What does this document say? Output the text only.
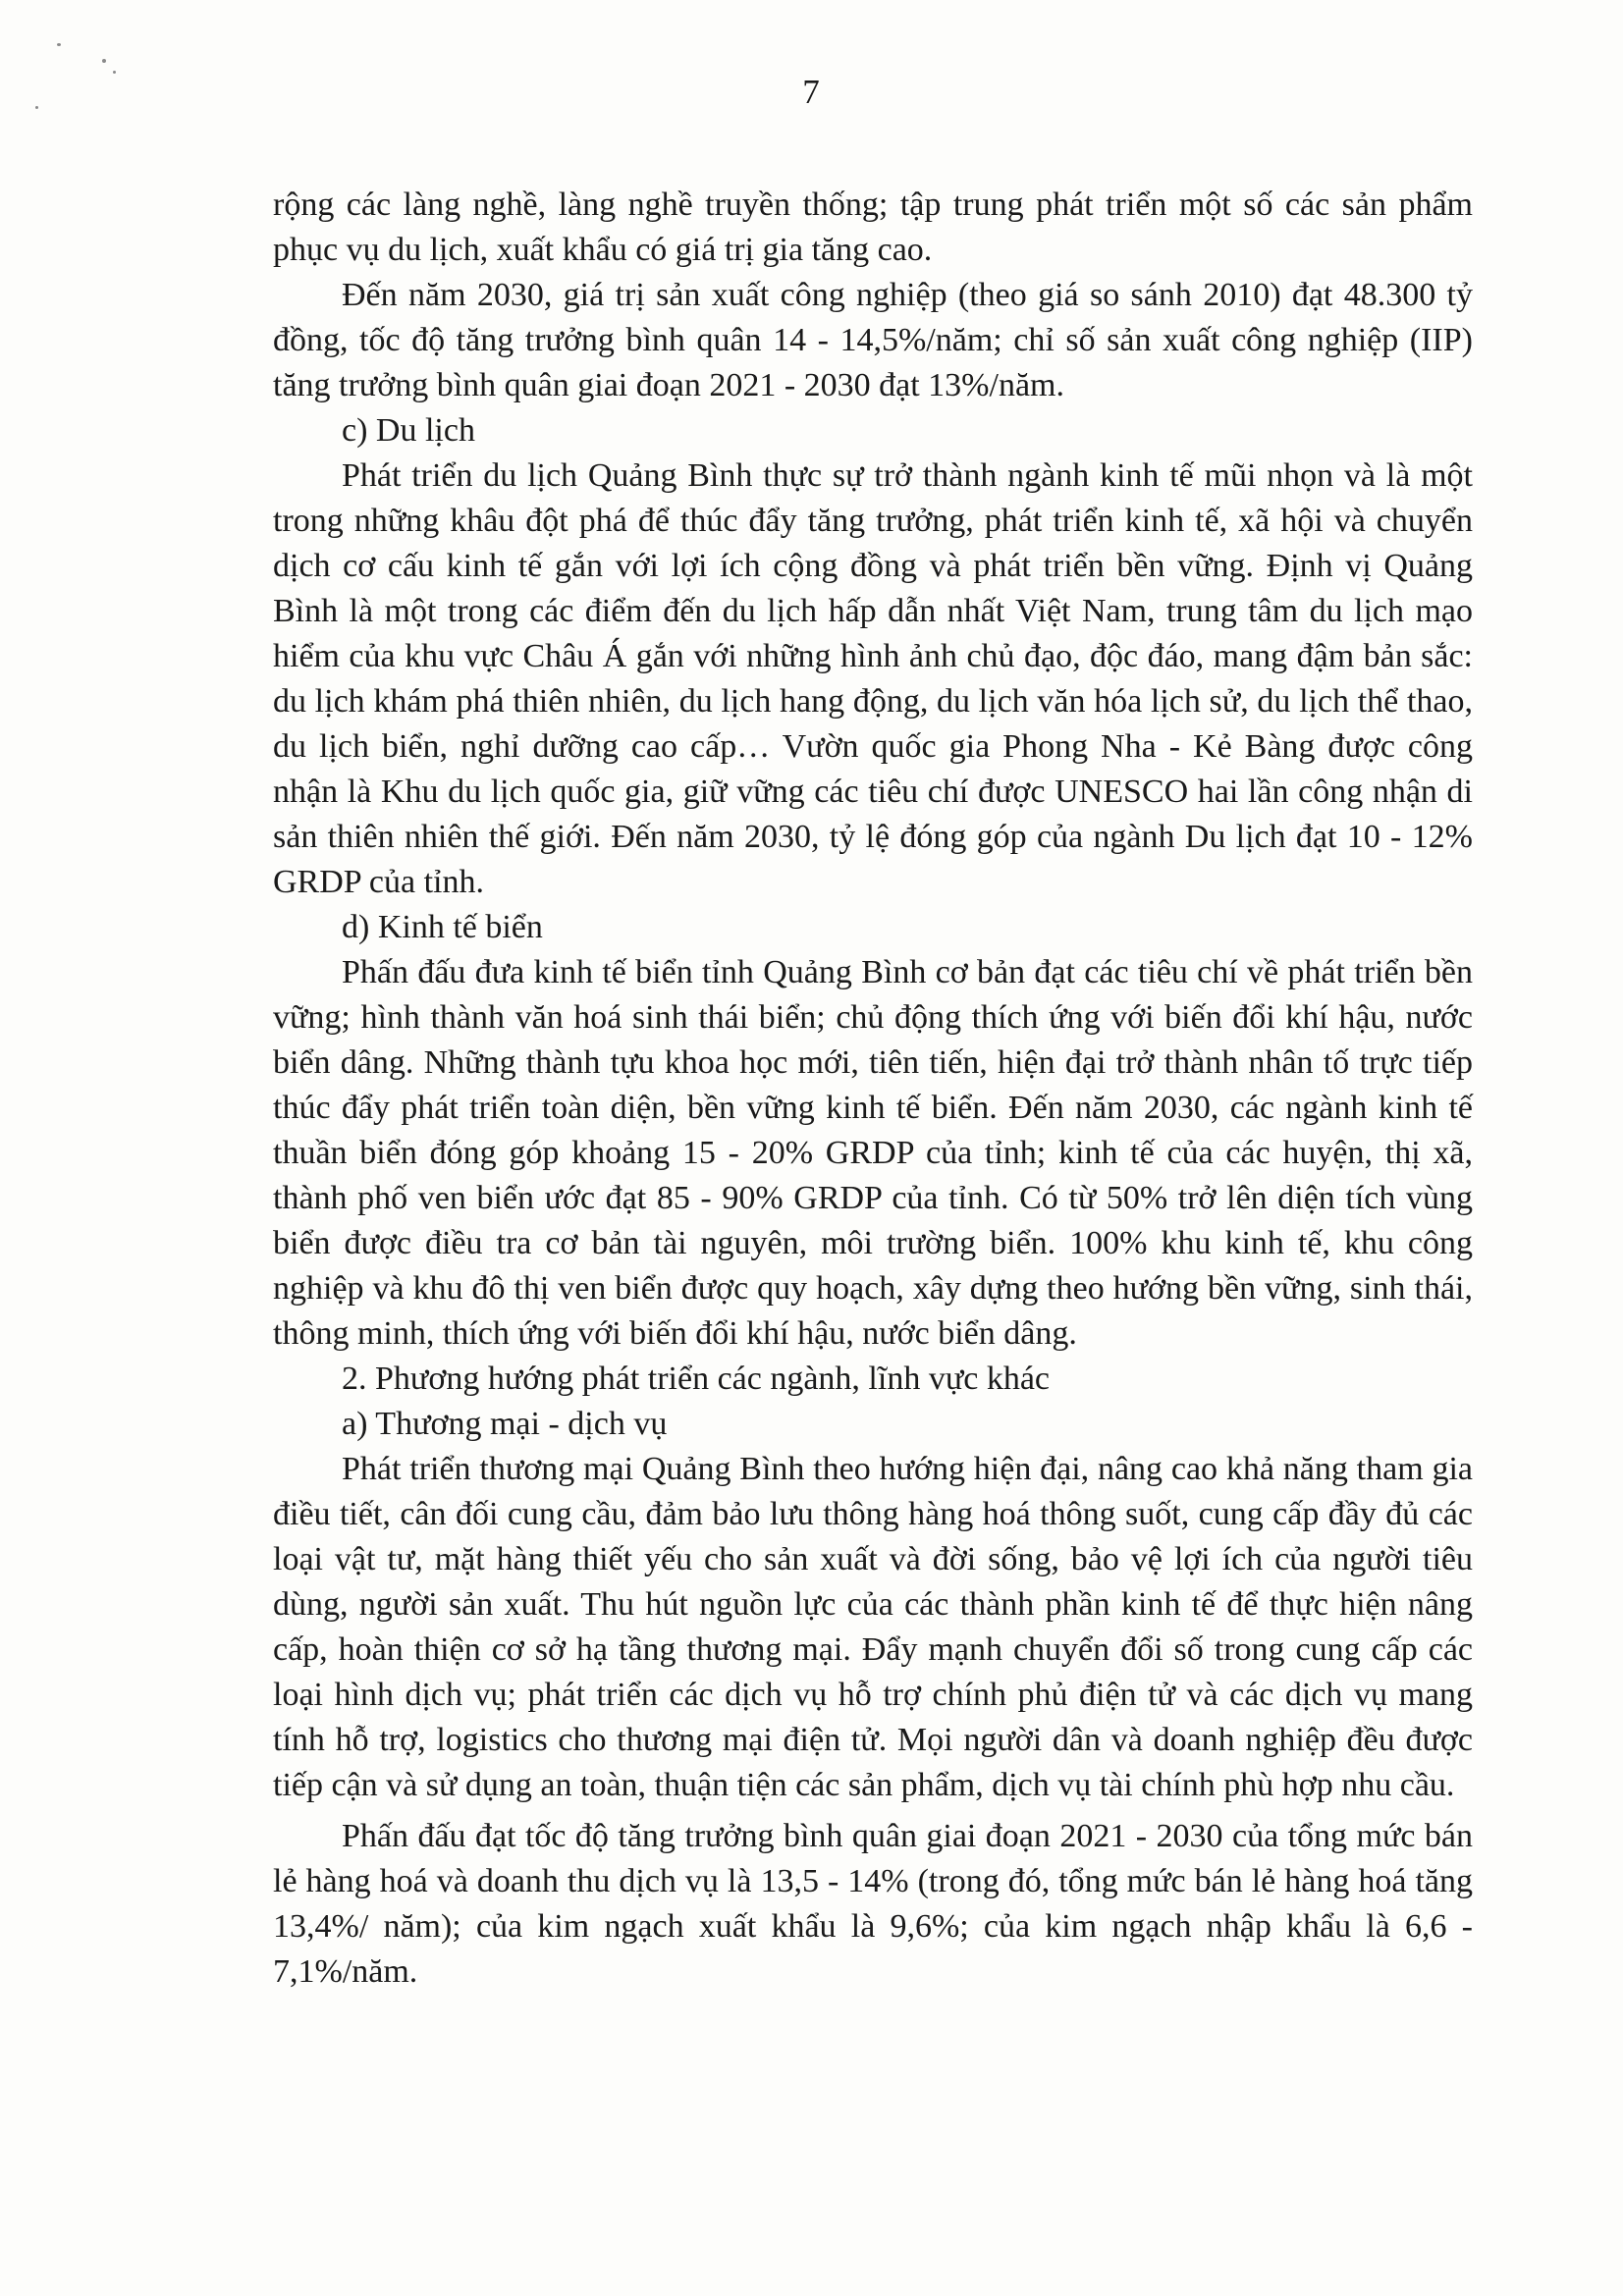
7

rộng các làng nghề, làng nghề truyền thống; tập trung phát triển một số các sản phẩm phục vụ du lịch, xuất khẩu có giá trị gia tăng cao.

Đến năm 2030, giá trị sản xuất công nghiệp (theo giá so sánh 2010) đạt 48.300 tỷ đồng, tốc độ tăng trưởng bình quân 14 - 14,5%/năm; chỉ số sản xuất công nghiệp (IIP) tăng trưởng bình quân giai đoạn 2021 - 2030 đạt 13%/năm.

c) Du lịch

Phát triển du lịch Quảng Bình thực sự trở thành ngành kinh tế mũi nhọn và là một trong những khâu đột phá để thúc đẩy tăng trưởng, phát triển kinh tế, xã hội và chuyển dịch cơ cấu kinh tế gắn với lợi ích cộng đồng và phát triển bền vững. Định vị Quảng Bình là một trong các điểm đến du lịch hấp dẫn nhất Việt Nam, trung tâm du lịch mạo hiểm của khu vực Châu Á gắn với những hình ảnh chủ đạo, độc đáo, mang đậm bản sắc: du lịch khám phá thiên nhiên, du lịch hang động, du lịch văn hóa lịch sử, du lịch thể thao, du lịch biển, nghỉ dưỡng cao cấp… Vườn quốc gia Phong Nha - Kẻ Bàng được công nhận là Khu du lịch quốc gia, giữ vững các tiêu chí được UNESCO hai lần công nhận di sản thiên nhiên thế giới. Đến năm 2030, tỷ lệ đóng góp của ngành Du lịch đạt 10 - 12% GRDP của tỉnh.

d) Kinh tế biển

Phấn đấu đưa kinh tế biển tỉnh Quảng Bình cơ bản đạt các tiêu chí về phát triển bền vững; hình thành văn hoá sinh thái biển; chủ động thích ứng với biến đổi khí hậu, nước biển dâng. Những thành tựu khoa học mới, tiên tiến, hiện đại trở thành nhân tố trực tiếp thúc đẩy phát triển toàn diện, bền vững kinh tế biển. Đến năm 2030, các ngành kinh tế thuần biển đóng góp khoảng 15 - 20% GRDP của tỉnh; kinh tế của các huyện, thị xã, thành phố ven biển ước đạt 85 - 90% GRDP của tỉnh. Có từ 50% trở lên diện tích vùng biển được điều tra cơ bản tài nguyên, môi trường biển. 100% khu kinh tế, khu công nghiệp và khu đô thị ven biển được quy hoạch, xây dựng theo hướng bền vững, sinh thái, thông minh, thích ứng với biến đổi khí hậu, nước biển dâng.

2. Phương hướng phát triển các ngành, lĩnh vực khác

a) Thương mại - dịch vụ

Phát triển thương mại Quảng Bình theo hướng hiện đại, nâng cao khả năng tham gia điều tiết, cân đối cung cầu, đảm bảo lưu thông hàng hoá thông suốt, cung cấp đầy đủ các loại vật tư, mặt hàng thiết yếu cho sản xuất và đời sống, bảo vệ lợi ích của người tiêu dùng, người sản xuất. Thu hút nguồn lực của các thành phần kinh tế để thực hiện nâng cấp, hoàn thiện cơ sở hạ tầng thương mại. Đẩy mạnh chuyển đổi số trong cung cấp các loại hình dịch vụ; phát triển các dịch vụ hỗ trợ chính phủ điện tử và các dịch vụ mang tính hỗ trợ, logistics cho thương mại điện tử. Mọi người dân và doanh nghiệp đều được tiếp cận và sử dụng an toàn, thuận tiện các sản phẩm, dịch vụ tài chính phù hợp nhu cầu.

Phấn đấu đạt tốc độ tăng trưởng bình quân giai đoạn 2021 - 2030 của tổng mức bán lẻ hàng hoá và doanh thu dịch vụ là 13,5 - 14% (trong đó, tổng mức bán lẻ hàng hoá tăng 13,4%/ năm); của kim ngạch xuất khẩu là 9,6%; của kim ngạch nhập khẩu là 6,6 - 7,1%/năm.
